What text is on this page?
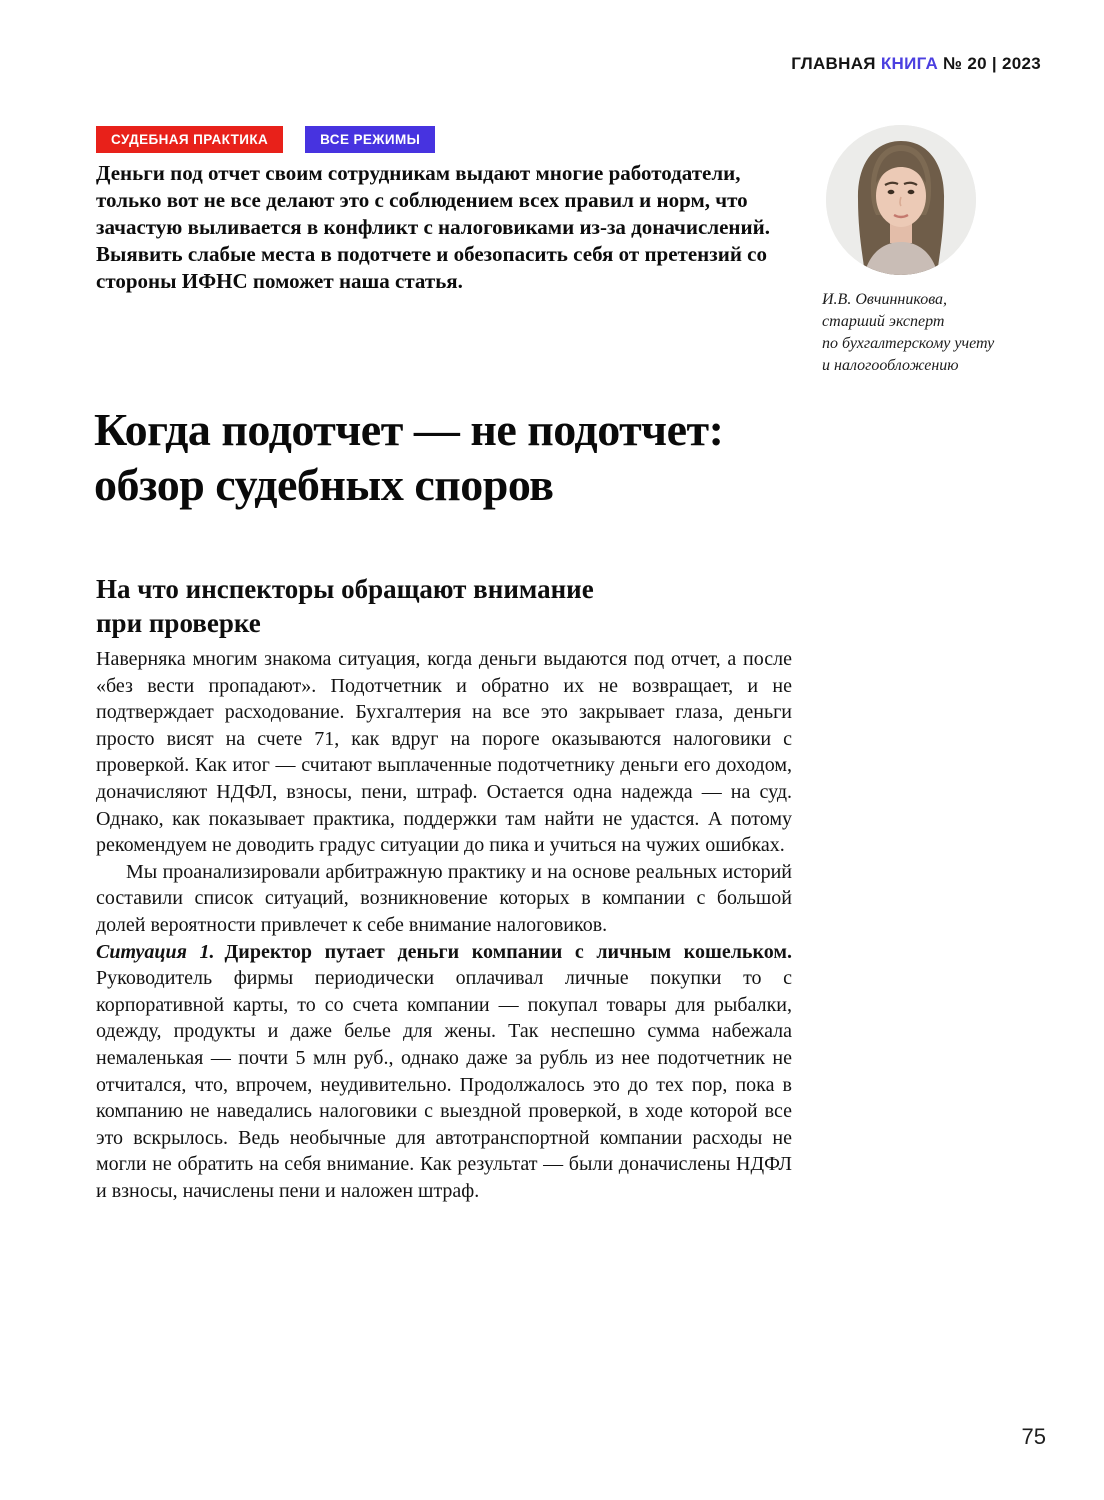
ГЛАВНАЯ КНИГА № 20 | 2023
СУДЕБНАЯ ПРАКТИКА	ВСЕ РЕЖИМЫ
Деньги под отчет своим сотрудникам выдают многие работодатели, только вот не все делают это с соблюдением всех правил и норм, что зачастую выливается в конфликт с налоговиками из-за доначислений. Выявить слабые места в подотчете и обезопасить себя от претензий со стороны ИФНС поможет наша статья.
И.В. Овчинникова,
старший эксперт
по бухгалтерскому учету
и налогообложению
Когда подотчет — не подотчет:
обзор судебных споров
На что инспекторы обращают внимание
при проверке

Наверняка многим знакома ситуация, когда деньги выдаются под отчет, а после «без вести пропадают». Подотчетник и обратно их не возвращает, и не подтверждает расходование. Бухгалтерия на все это закрывает глаза, деньги просто висят на счете 71, как вдруг на пороге оказываются налоговики с проверкой. Как итог — считают выплаченные подотчетнику деньги его доходом, доначисляют НДФЛ, взносы, пени, штраф. Остается одна надежда — на суд. Однако, как показывает практика, поддержки там найти не удастся. А потому рекомендуем не доводить градус ситуации до пика и учиться на чужих ошибках.

Мы проанализировали арбитражную практику и на основе реальных историй составили список ситуаций, возникновение которых в компании с большой долей вероятности привлечет к себе внимание налоговиков.

Ситуация 1. Директор путает деньги компании с личным кошельком. Руководитель фирмы периодически оплачивал личные покупки то с корпоративной карты, то со счета компании — покупал товары для рыбалки, одежду, продукты и даже белье для жены. Так неспешно сумма набежала немаленькая — почти 5 млн руб., однако даже за рубль из нее подотчетник не отчитался, что, впрочем, неудивительно. Продолжалось это до тех пор, пока в компанию не наведались налоговики с выездной проверкой, в ходе которой все это вскрылось. Ведь необычные для автотранспортной компании расходы не могли не обратить на себя внимание. Как результат — были доначислены НДФЛ и взносы, начислены пени и наложен штраф.

75
